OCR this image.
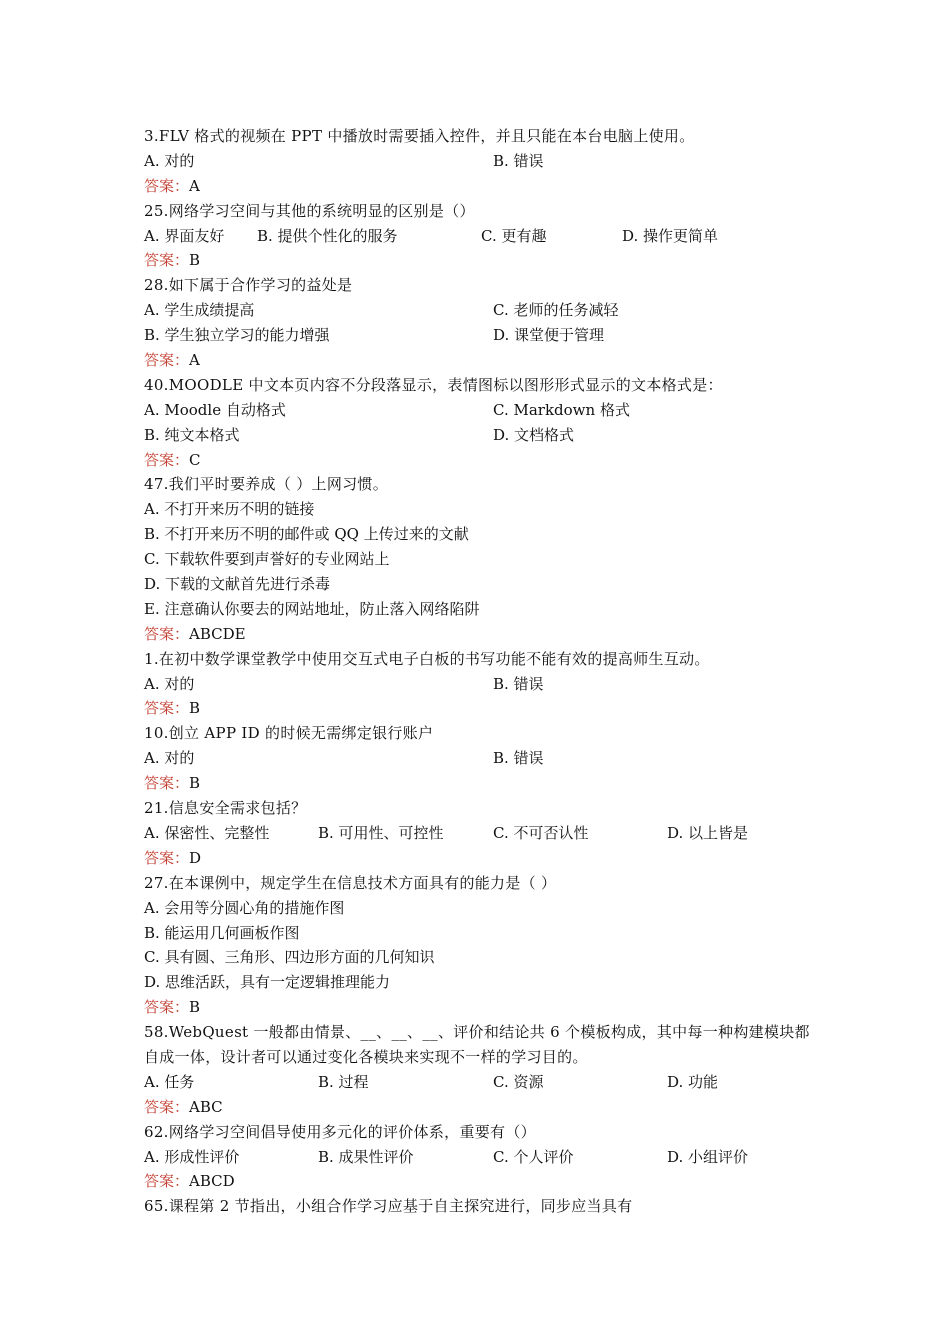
3.FLV 格式的视频在 PPT 中播放时需要插入控件，并且只能在本台电脑上使用。
A. 对的	B. 错误
答案：A
25.网络学习空间与其他的系统明显的区别是（）
A. 界面友好 B. 提供个性化的服务	C. 更有趣	D. 操作更简单
答案：B
28.如下属于合作学习的益处是
A. 学生成绩提高	C. 老师的任务减轻
B. 学生独立学习的能力增强	D. 课堂便于管理
答案：A
40.MOODLE 中文本页内容不分段落显示，表情图标以图形形式显示的文本格式是：
A. Moodle 自动格式	C. Markdown 格式
B. 纯文本格式	D. 文档格式
答案：C
47.我们平时要养成（ ）上网习惯。
A. 不打开来历不明的链接
B. 不打开来历不明的邮件或 QQ 上传过来的文献
C. 下载软件要到声誉好的专业网站上
D. 下载的文献首先进行杀毒
E. 注意确认你要去的网站地址，防止落入网络陷阱
答案：ABCDE
1.在初中数学课堂教学中使用交互式电子白板的书写功能不能有效的提高师生互动。
A. 对的	B. 错误
答案：B
10.创立 APP ID 的时候无需绑定银行账户
A. 对的	B. 错误
答案：B
21.信息安全需求包括？
A. 保密性、完整性	B. 可用性、可控性	C. 不可否认性	D. 以上皆是
答案：D
27.在本课例中，规定学生在信息技术方面具有的能力是（ ）
A. 会用等分圆心角的措施作图
B. 能运用几何画板作图
C. 具有圆、三角形、四边形方面的几何知识
D. 思维活跃，具有一定逻辑推理能力
答案：B
58.WebQuest 一般都由情景、__、__、__、评价和结论共 6 个模板构成，其中每一种构建模块都自成一体，设计者可以通过变化各模块来实现不一样的学习目的。
A. 任务	B. 过程	C. 资源	D. 功能
答案：ABC
62.网络学习空间倡导使用多元化的评价体系，重要有（）
A. 形成性评价	B. 成果性评价	C. 个人评价	D. 小组评价
答案：ABCD
65.课程第 2 节指出，小组合作学习应基于自主探究进行，同步应当具有
